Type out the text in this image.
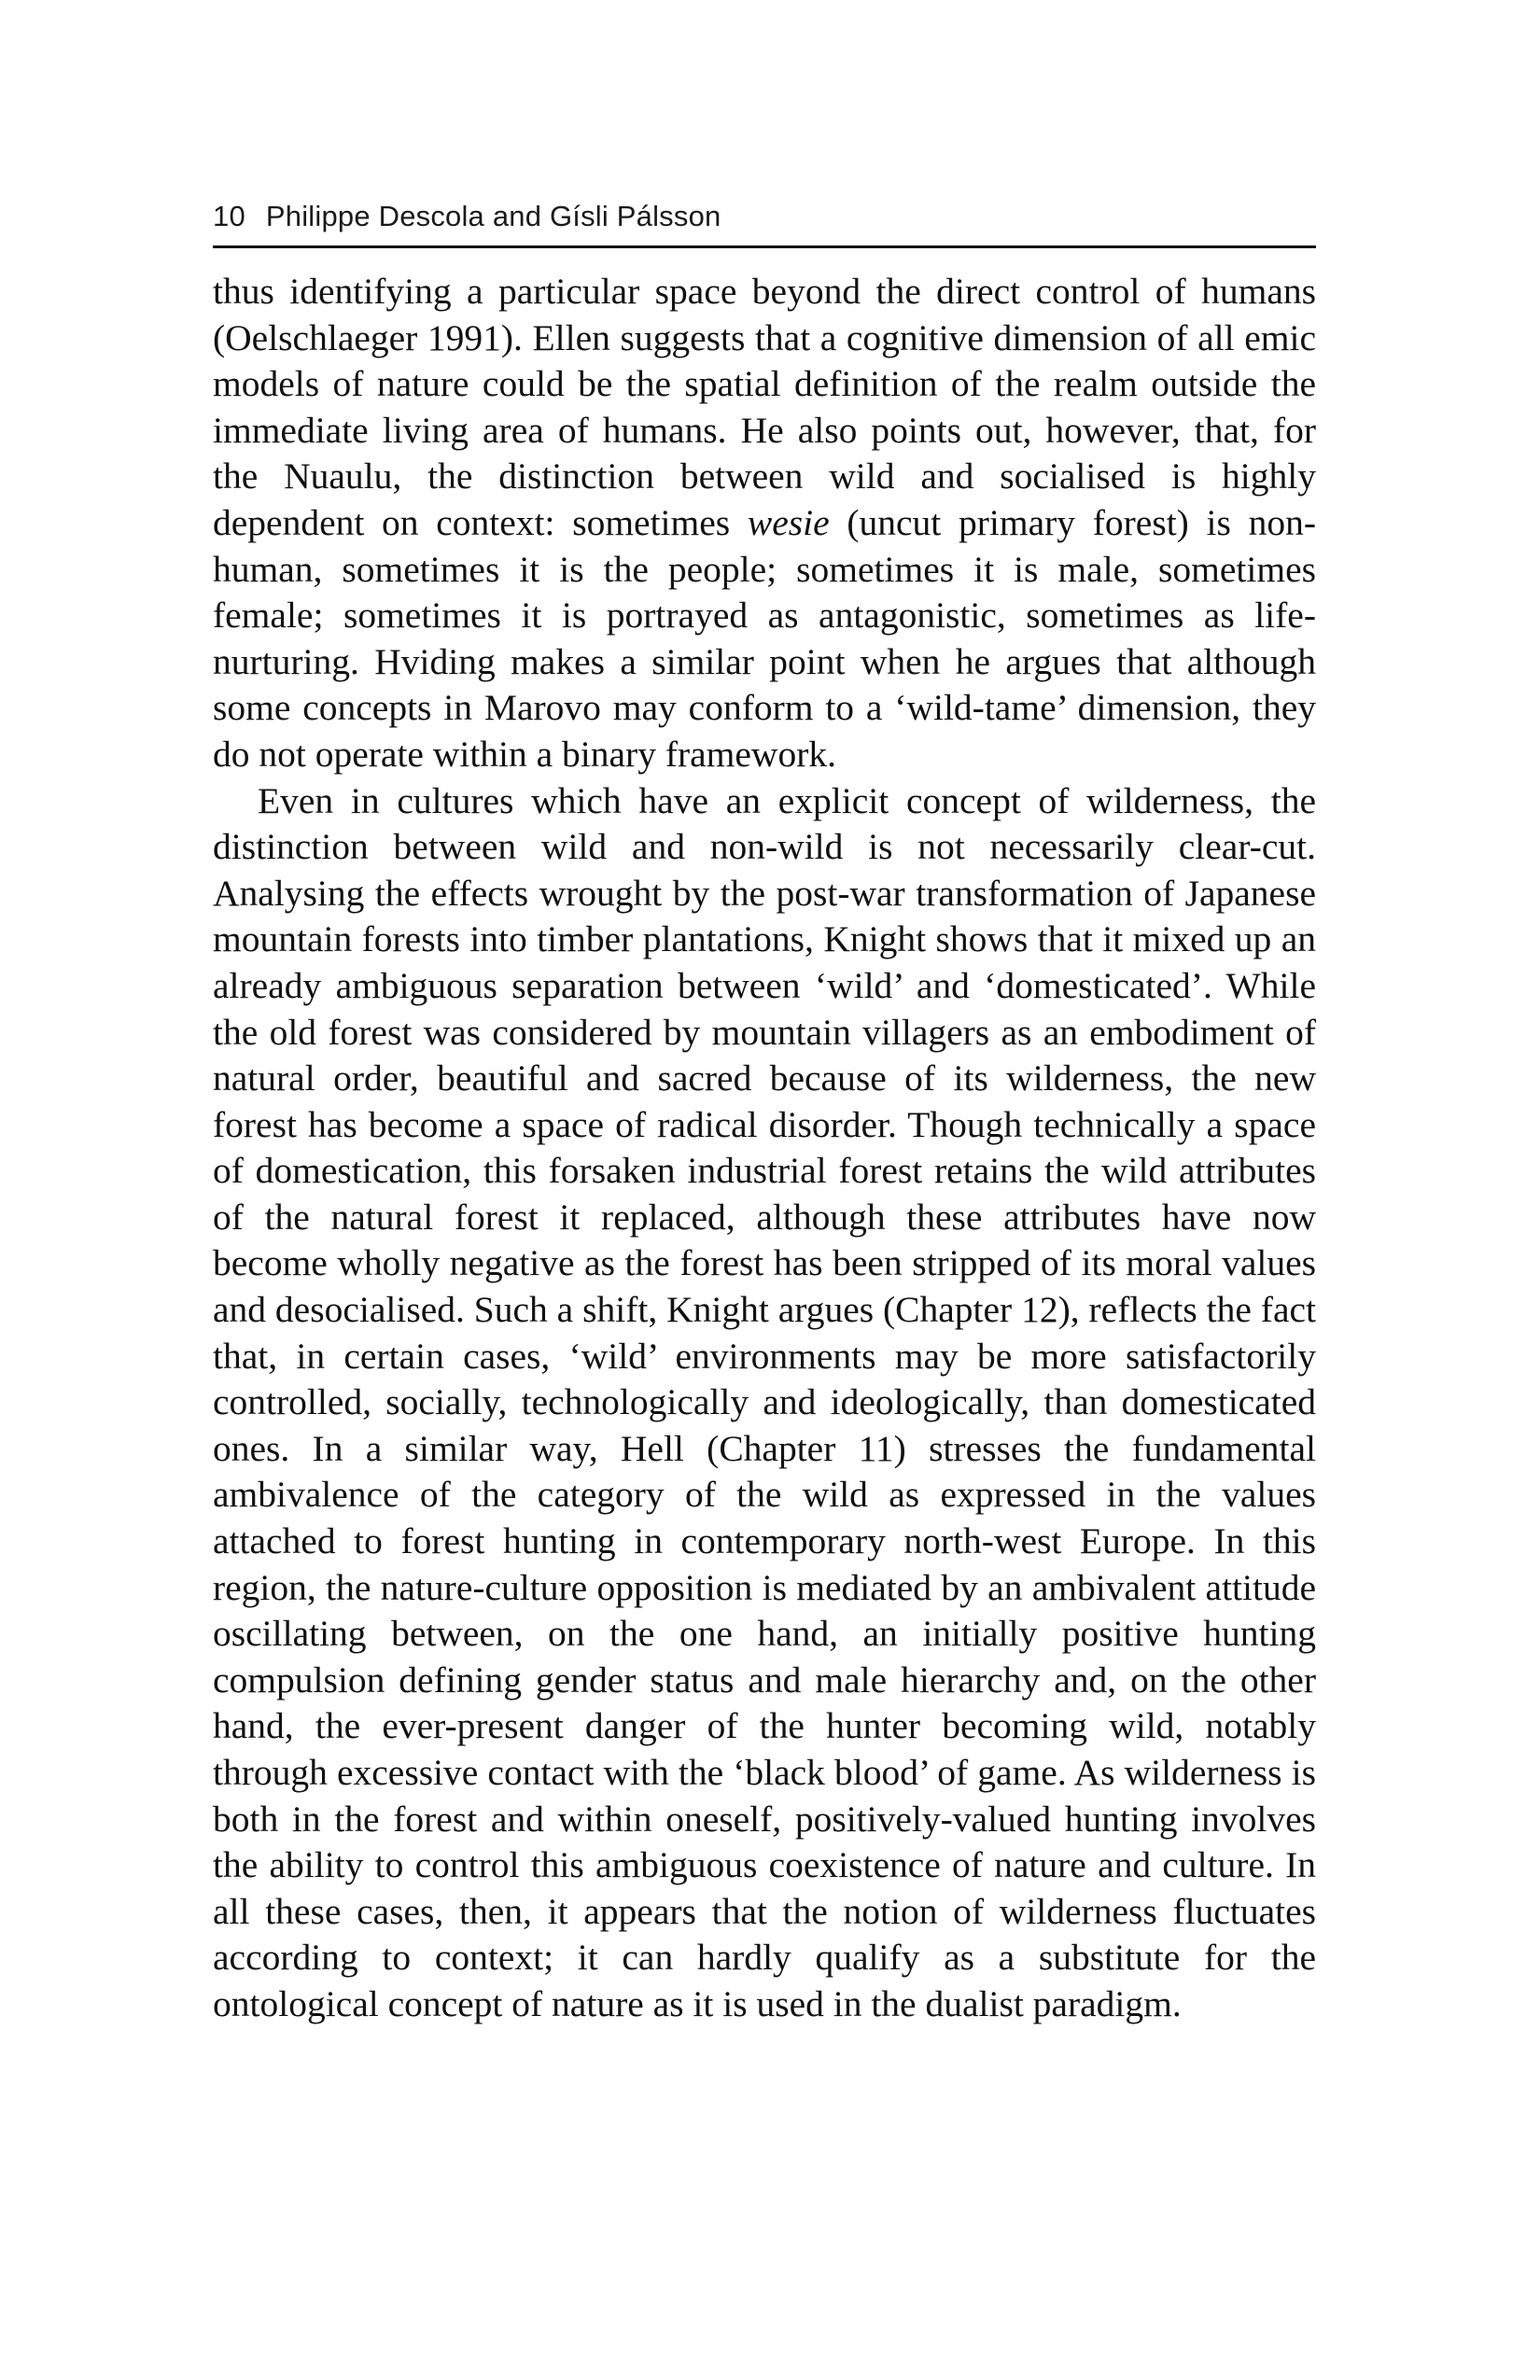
10 Philippe Descola and Gísli Pálsson

thus identifying a particular space beyond the direct control of humans (Oelschlaeger 1991). Ellen suggests that a cognitive dimension of all emic models of nature could be the spatial definition of the realm outside the immediate living area of humans. He also points out, however, that, for the Nuaulu, the distinction between wild and socialised is highly dependent on context: sometimes wesie (uncut primary forest) is non-human, sometimes it is the people; sometimes it is male, sometimes female; sometimes it is portrayed as antagonistic, sometimes as life-nurturing. Hviding makes a similar point when he argues that although some concepts in Marovo may conform to a ‘wild-tame’ dimension, they do not operate within a binary framework.

Even in cultures which have an explicit concept of wilderness, the distinction between wild and non-wild is not necessarily clear-cut. Analysing the effects wrought by the post-war transformation of Japanese mountain forests into timber plantations, Knight shows that it mixed up an already ambiguous separation between ‘wild’ and ‘domesticated’. While the old forest was considered by mountain villagers as an embodiment of natural order, beautiful and sacred because of its wilderness, the new forest has become a space of radical disorder. Though technically a space of domestication, this forsaken industrial forest retains the wild attributes of the natural forest it replaced, although these attributes have now become wholly negative as the forest has been stripped of its moral values and desocialised. Such a shift, Knight argues (Chapter 12), reflects the fact that, in certain cases, ‘wild’ environments may be more satisfactorily controlled, socially, technologically and ideologically, than domesticated ones. In a similar way, Hell (Chapter 11) stresses the fundamental ambivalence of the category of the wild as expressed in the values attached to forest hunting in contemporary north-west Europe. In this region, the nature-culture opposition is mediated by an ambivalent attitude oscillating between, on the one hand, an initially positive hunting compulsion defining gender status and male hierarchy and, on the other hand, the ever-present danger of the hunter becoming wild, notably through excessive contact with the ‘black blood’ of game. As wilderness is both in the forest and within oneself, positively-valued hunting involves the ability to control this ambiguous coexistence of nature and culture. In all these cases, then, it appears that the notion of wilderness fluctuates according to context; it can hardly qualify as a substitute for the ontological concept of nature as it is used in the dualist paradigm.
